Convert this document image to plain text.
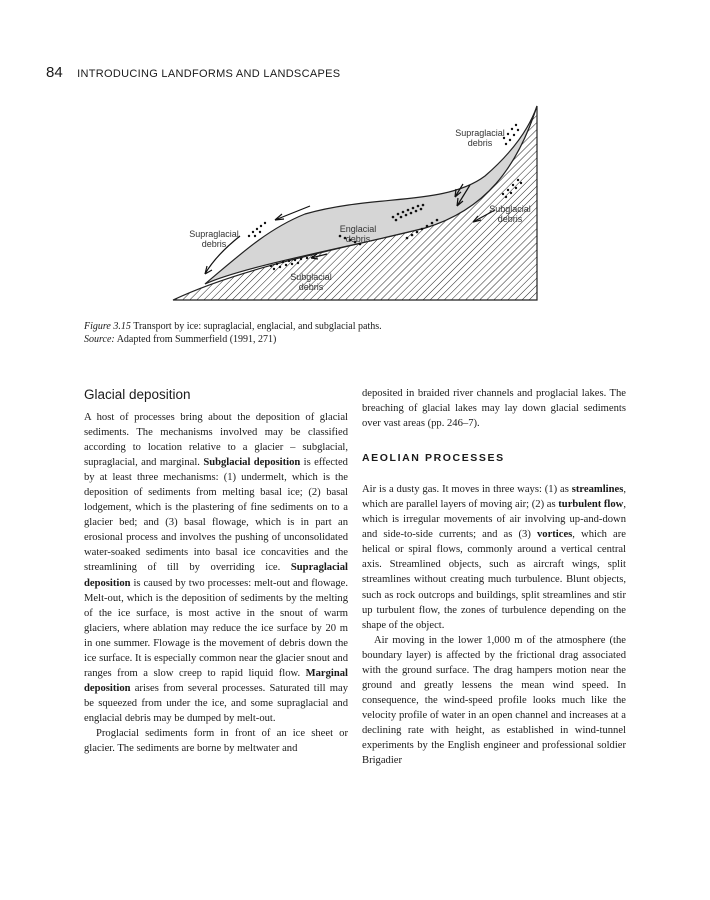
84 INTRODUCING LANDFORMS AND LANDSCAPES
Supraglacial debris
Subglacial debris
Englacial debris
Supraglacial debris
Subglacial debris
Figure 3.15 Transport by ice: supraglacial, englacial, and subglacial paths.
Source: Adapted from Summerfield (1991, 271)
Glacial deposition

A host of processes bring about the deposition of glacial sediments. The mechanisms involved may be classified according to location relative to a glacier – subglacial, supraglacial, and marginal. Subglacial deposition is effected by at least three mechanisms: (1) undermelt, which is the deposition of sediments from melting basal ice; (2) basal lodgement, which is the plastering of fine sediments on to a glacier bed; and (3) basal flowage, which is in part an erosional process and involves the pushing of unconsolidated water-soaked sediments into basal ice concavities and the streamlining of till by overriding ice. Supraglacial deposition is caused by two processes: melt-out and flowage. Melt-out, which is the deposition of sediments by the melting of the ice surface, is most active in the snout of warm glaciers, where ablation may reduce the ice surface by 20 m in one summer. Flowage is the movement of debris down the ice surface. It is especially common near the glacier snout and ranges from a slow creep to rapid liquid flow. Marginal deposition arises from several processes. Saturated till may be squeezed from under the ice, and some supraglacial and englacial debris may be dumped by melt-out.

Proglacial sediments form in front of an ice sheet or glacier. The sediments are borne by meltwater and

deposited in braided river channels and proglacial lakes. The breaching of glacial lakes may lay down glacial sediments over vast areas (pp. 246–7).

AEOLIAN PROCESSES

Air is a dusty gas. It moves in three ways: (1) as streamlines, which are parallel layers of moving air; (2) as turbulent flow, which is irregular movements of air involving up-and-down and side-to-side currents; and as (3) vortices, which are helical or spiral flows, commonly around a vertical central axis. Streamlined objects, such as aircraft wings, split streamlines without creating much turbulence. Blunt objects, such as rock outcrops and buildings, split streamlines and stir up turbulent flow, the zones of turbulence depending on the shape of the object.

Air moving in the lower 1,000 m of the atmosphere (the boundary layer) is affected by the frictional drag associated with the ground surface. The drag hampers motion near the ground and greatly lessens the mean wind speed. In consequence, the wind-speed profile looks much like the velocity profile of water in an open channel and increases at a declining rate with height, as established in wind-tunnel experiments by the English engineer and professional soldier Brigadier
